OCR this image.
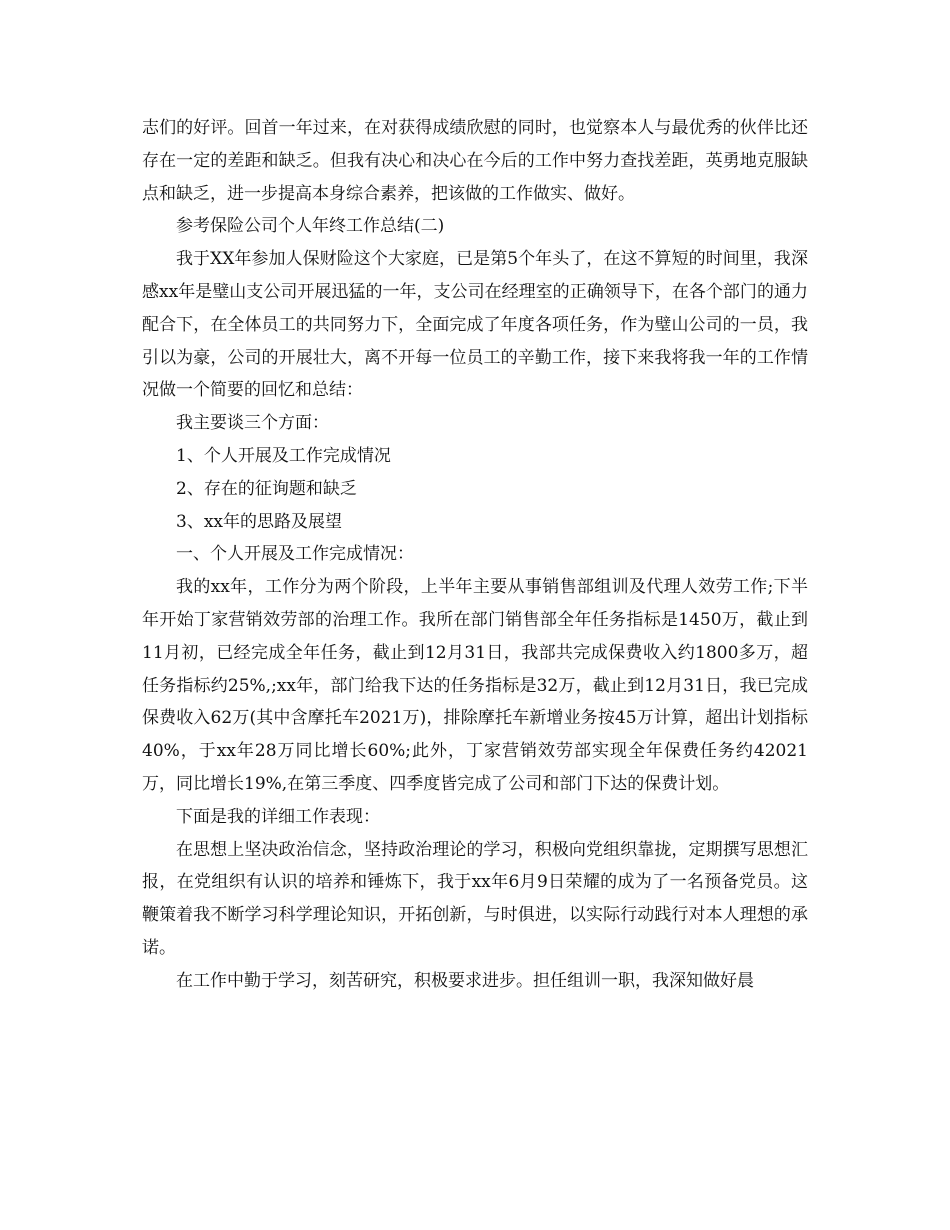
志们的好评。回首一年过来，在对获得成绩欣慰的同时，也觉察本人与最优秀的伙伴比还存在一定的差距和缺乏。但我有决心和决心在今后的工作中努力查找差距，英勇地克服缺点和缺乏，进一步提高本身综合素养，把该做的工作做实、做好。

参考保险公司个人年终工作总结(二)

我于XX年参加人保财险这个大家庭，已是第5个年头了，在这不算短的时间里，我深感xx年是璧山支公司开展迅猛的一年，支公司在经理室的正确领导下，在各个部门的通力配合下，在全体员工的共同努力下，全面完成了年度各项任务，作为璧山公司的一员，我引以为豪，公司的开展壮大，离不开每一位员工的辛勤工作，接下来我将我一年的工作情况做一个简要的回忆和总结：

我主要谈三个方面：

1、个人开展及工作完成情况

2、存在的征询题和缺乏

3、xx年的思路及展望

一、个人开展及工作完成情况：

我的xx年，工作分为两个阶段，上半年主要从事销售部组训及代理人效劳工作;下半年开始丁家营销效劳部的治理工作。我所在部门销售部全年任务指标是1450万，截止到11月初，已经完成全年任务，截止到12月31日，我部共完成保费收入约1800多万，超任务指标约25%,;xx年，部门给我下达的任务指标是32万，截止到12月31日，我已完成保费收入62万(其中含摩托车2021万)，排除摩托车新增业务按45万计算，超出计划指标40%，于xx年28万同比增长60%;此外，丁家营销效劳部实现全年保费任务约42021万，同比增长19%,在第三季度、四季度皆完成了公司和部门下达的保费计划。

下面是我的详细工作表现：

在思想上坚决政治信念，坚持政治理论的学习，积极向党组织靠拢，定期撰写思想汇报，在党组织有认识的培养和锤炼下，我于xx年6月9日荣耀的成为了一名预备党员。这鞭策着我不断学习科学理论知识，开拓创新，与时俱进，以实际行动践行对本人理想的承诺。

在工作中勤于学习，刻苦研究，积极要求进步。担任组训一职，我深知做好晨
